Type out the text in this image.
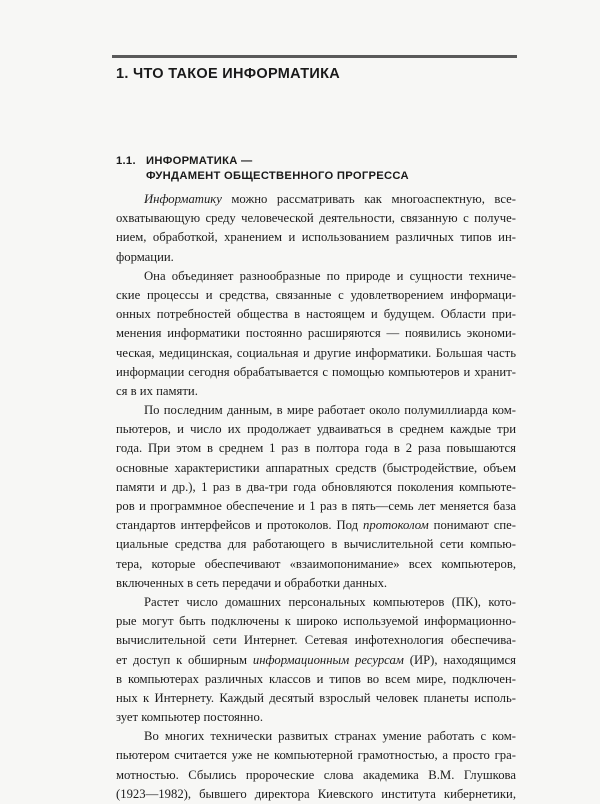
1. ЧТО ТАКОЕ ИНФОРМАТИКА
1.1. ИНФОРМАТИКА —
ФУНДАМЕНТ ОБЩЕСТВЕННОГО ПРОГРЕССА
Информатику можно рассматривать как многоаспектную, все-
охватывающую среду человеческой деятельности, связанную с получе-
нием, обработкой, хранением и использованием различных типов ин-
формации.
Она объединяет разнообразные по природе и сущности техниче-
ские процессы и средства, связанные с удовлетворением информаци-
онных потребностей общества в настоящем и будущем. Области при-
менения информатики постоянно расширяются — появились экономи-
ческая, медицинская, социальная и другие информатики. Большая часть
информации сегодня обрабатывается с помощью компьютеров и хранит-
ся в их памяти.
По последним данным, в мире работает около полумиллиарда ком-
пьютеров, и число их продолжает удваиваться в среднем каждые три
года. При этом в среднем 1 раз в полтора года в 2 раза повышаются
основные характеристики аппаратных средств (быстродействие, объем
памяти и др.), 1 раз в два-три года обновляются поколения компьюте-
ров и программное обеспечение и 1 раз в пять—семь лет меняется база
стандартов интерфейсов и протоколов. Под протоколом понимают спе-
циальные средства для работающего в вычислительной сети компью-
тера, которые обеспечивают «взаимопонимание» всех компьютеров,
включенных в сеть передачи и обработки данных.
Растет число домашних персональных компьютеров (ПК), кото-
рые могут быть подключены к широко используемой информационно-
вычислительной сети Интернет. Сетевая инфотехнология обеспечива-
ет доступ к обширным информационным ресурсам (ИР), находящимся
в компьютерах различных классов и типов во всем мире, подключен-
ных к Интернету. Каждый десятый взрослый человек планеты исполь-
зует компьютер постоянно.
Во многих технически развитых странах умение работать с ком-
пьютером считается уже не компьютерной грамотностью, а просто гра-
мотностью. Сбылись пророческие слова академика В.М. Глушкова
(1923—1982), бывшего директора Киевского института кибернетики,
